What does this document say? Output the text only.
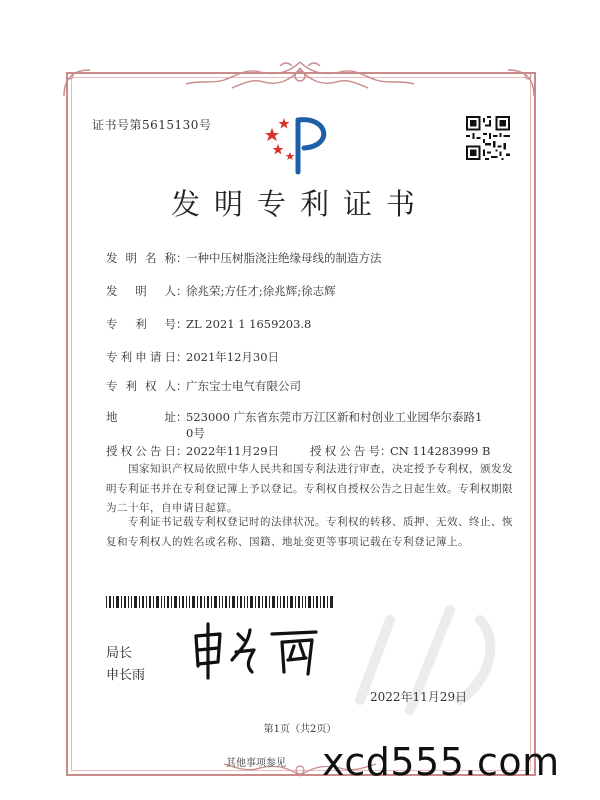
证书号第5615130号
发明专利证书
发明名称：一种中压树脂浇注绝缘母线的制造方法
发明人：徐兆荣;方任才;徐兆辉;徐志辉
专利号：ZL 2021 1 1659203.8
专利申请日：2021年12月30日
专利权人：广东宝士电气有限公司
地址：523000 广东省东莞市万江区新和村创业工业园华尔泰路1
0号
授权公告日：2022年11月29日	授权公告号：CN 114283999 B
国家知识产权局依照中华人民共和国专利法进行审查，决定授予专利权，颁发发明专利证书并在专利登记簿上予以登记。专利权自授权公告之日起生效。专利权期限为二十年，自申请日起算。
专利证书记载专利权登记时的法律状况。专利权的转移、质押、无效、终止、恢复和专利权人的姓名或名称、国籍、地址变更等事项记载在专利登记簿上。
局长
申长雨
2022年11月29日
第1页（共2页）
其他事项参见 xcd555.com
